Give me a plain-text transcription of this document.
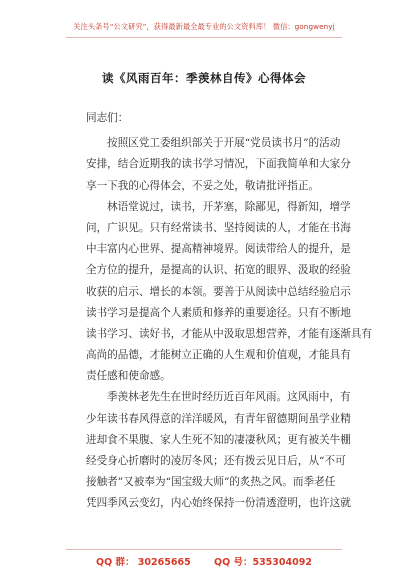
关注头条号“公文研究”，获得最新最全最专业的公文资料库！ 微信：gongwenyj
读《风雨百年：季羡林自传》心得体会
同志们：
按照区党工委组织部关于开展“党员读书月”的活动
安排，结合近期我的读书学习情况，下面我简单和大家分
享一下我的心得体会，不妥之处，敬请批评指正。
林语堂说过，读书，开茅塞，除鄙见，得新知，增学
问，广识见。只有经常读书、坚持阅读的人，才能在书海
中丰富内心世界、提高精神境界。阅读带给人的提升，是
全方位的提升，是提高的认识、拓宽的眼界、汲取的经验
收获的启示、增长的本领。要善于从阅读中总结经验启示
读书学习是提高个人素质和修养的重要途径。只有不断地
读书学习、读好书，才能从中汲取思想营养，才能有逐渐具有
高尚的品德，才能树立正确的人生观和价值观，才能具有
责任感和使命感。
季羡林老先生在世时经历近百年风雨。这风雨中，有
少年读书春风得意的洋洋暖风，有青年留德期间虽学业精
进却食不果腹、家人生死不知的凄凄秋风；更有被关牛棚
经受身心折磨时的凌厉冬风；还有拨云见日后，从“不可
接触者”又被奉为“国宝级大师”的炙热之风。而季老任
凭四季风云变幻，内心始终保持一份清透澄明，也许这就
QQ 群： 30265665 QQ 号：535304092
